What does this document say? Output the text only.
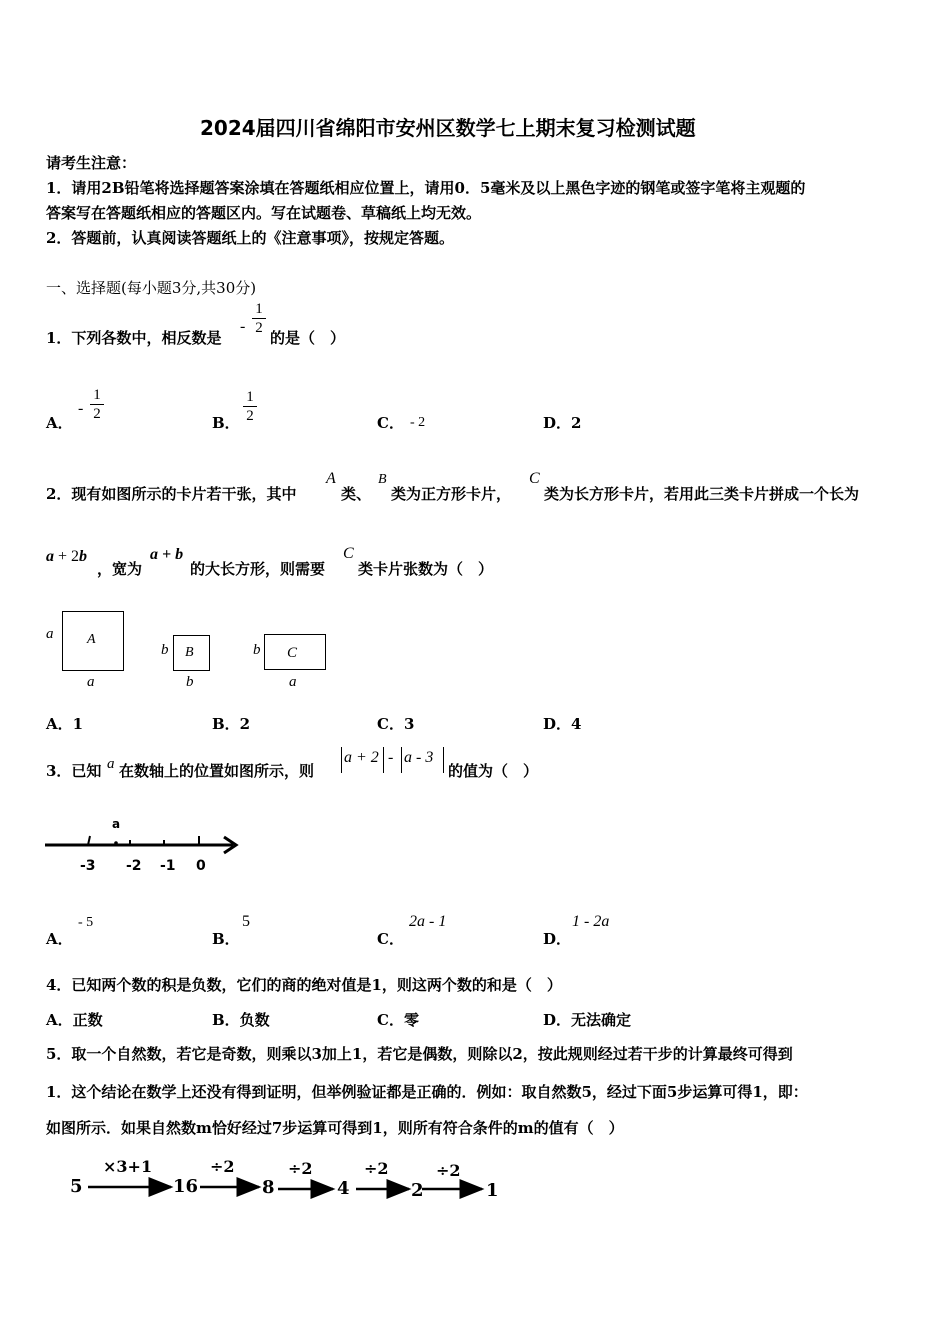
2024届四川省绵阳市安州区数学七上期末复习检测试题
请考生注意：
1．请用2B铅笔将选择题答案涂填在答题纸相应位置上，请用0．5毫米及以上黑色字迹的钢笔或签字笔将主观题的
答案写在答题纸相应的答题区内。写在试题卷、草稿纸上均无效。
2．答题前，认真阅读答题纸上的《注意事项》，按规定答题。
一、选择题(每小题3分,共30分)
1．下列各数中，相反数是
- $\frac{1}{2}$
的是（　）
A．
- $\frac{1}{2}$	B． $\frac{1}{2}$	C． - 2	D．2
2．现有如图所示的卡片若干张，其中
A
类、
B
类为正方形卡片，
C
类为长方形卡片，若用此三类卡片拼成一个长为
a + 2b
，宽为
a + b
的大长方形，则需要
C
类卡片张数为（　）
a A
a
b B
b
b C
a
A．1	B．2	C．3	D．4
3．已知 a 在数轴上的位置如图所示，则
a + 2 - a - 3
的值为（　）
a
-3 -2 -1 0
A．
- 5
B．
5
C．
2a - 1
D．
1 - 2a
4．已知两个数的积是负数，它们的商的绝对值是1，则这两个数的和是（　）
A．正数	B．负数	C．零	D．无法确定
5．取一个自然数，若它是奇数，则乘以3加上1，若它是偶数，则除以2，按此规则经过若干步的计算最终可得到
1．这个结论在数学上还没有得到证明，但举例验证都是正确的．例如：取自然数5，经过下面5步运算可得1，即：
如图所示．如果自然数m恰好经过7步运算可得到1，则所有符合条件的m的值有（　）
5
×3+1
16
÷2
8
÷2
4
÷2
2
÷2
1
